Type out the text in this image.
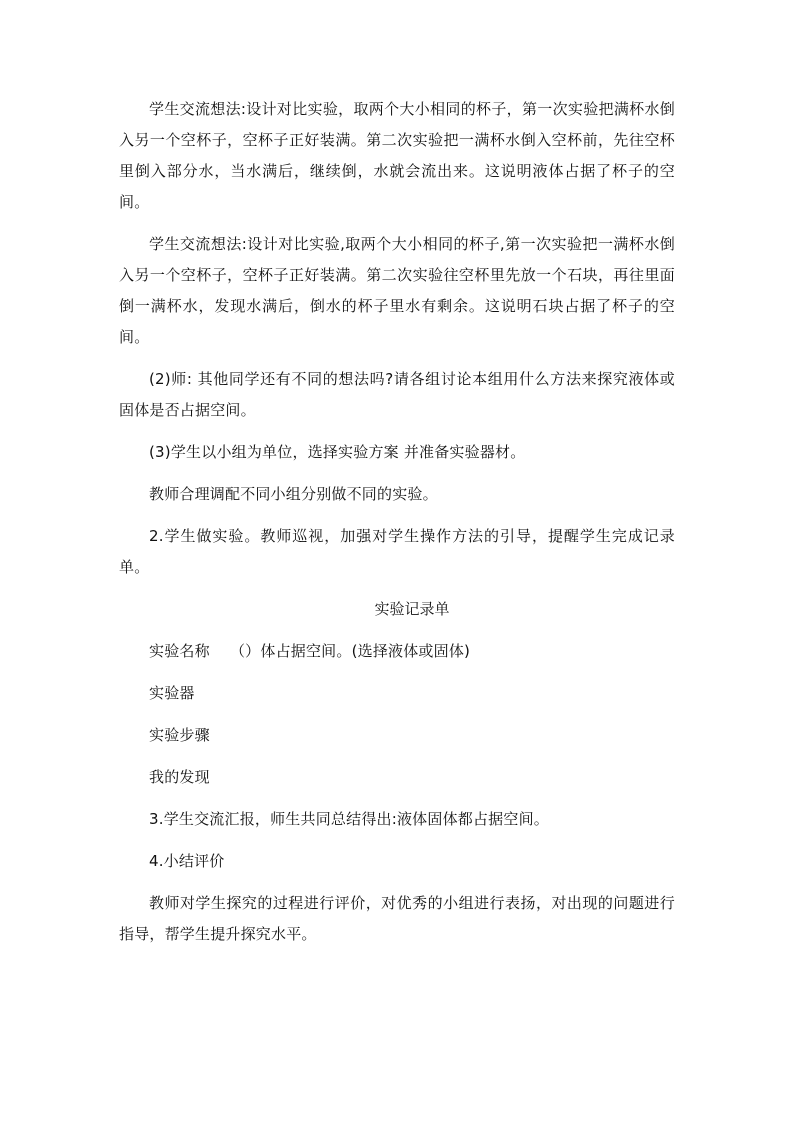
学生交流想法:设计对比实验，取两个大小相同的杯子，第一次实验把满杯水倒入另一个空杯子，空杯子正好装满。第二次实验把一满杯水倒入空杯前，先往空杯里倒入部分水，当水满后，继续倒，水就会流出来。这说明液体占据了杯子的空间。

学生交流想法:设计对比实验,取两个大小相同的杯子,第一次实验把一满杯水倒入另一个空杯子，空杯子正好装满。第二次实验往空杯里先放一个石块，再往里面倒一满杯水，发现水满后，倒水的杯子里水有剩余。这说明石块占据了杯子的空间。

(2)师: 其他同学还有不同的想法吗?请各组讨论本组用什么方法来探究液体或固体是否占据空间。

(3)学生以小组为单位，选择实验方案 并准备实验器材。

教师合理调配不同小组分别做不同的实验。

2.学生做实验。教师巡视，加强对学生操作方法的引导，提醒学生完成记录单。

实验记录单

实验名称　 （）体占据空间。(选择液体或固体)

实验器

实验步骤

我的发现

3.学生交流汇报，师生共同总结得出:液体固体都占据空间。

4.小结评价

教师对学生探究的过程进行评价，对优秀的小组进行表扬，对出现的问题进行指导，帮学生提升探究水平。
